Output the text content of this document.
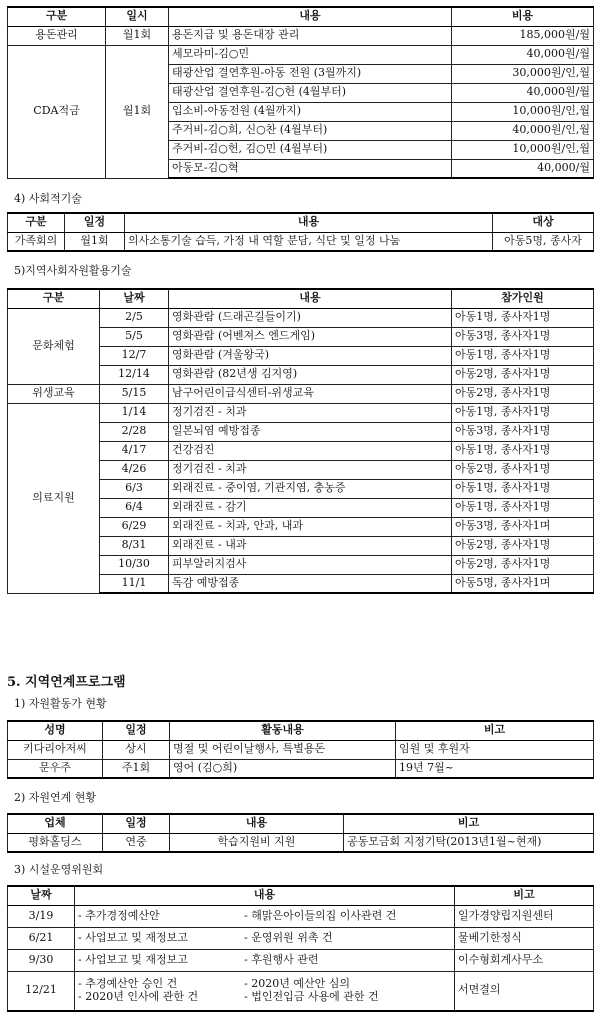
구분	일시	내용	비용
용돈관리	월1회	용돈지급 및 용돈대장 관리	185,000원/월
CDA적금	월1회	세모라미-김○민	40,000원/월
		태광산업 결연후원-아동 전원 (3월까지)	30,000원/인,월
		태광산업 결연후원-김○헌 (4월부터)	40,000원/월
		입소비-아동전원 (4월까지)	10,000원/인,월
		주거비-김○희, 신○찬 (4월부터)	40,000원/인,월
		주거비-김○헌, 김○민 (4월부터)	10,000원/인,월
		아동모-김○혁	40,000/월
4) 사회적기술
구분	일정	내용	대상
가족회의	월1회	의사소통기술 습득, 가정 내 역할 분담, 식단 및 일정 나눔	아동5명, 종사자
5)지역사회자원활용기술
구분	날짜	내용	참가인원
문화체험	2/5	영화관람 (드래곤길들이기)	아동1명, 종사자1명
	5/5	영화관람 (어벤져스 엔드게임)	아동3명, 종사자1명
	12/7	영화관람 (겨울왕국)	아동1명, 종사자1명
	12/14	영화관람 (82년생 김지영)	아동2명, 종사자1명
위생교육	5/15	남구어린이급식센터-위생교육	아동2명, 종사자1명
의료지원	1/14	정기검진 - 치과	아동1명, 종사자1명
	2/28	일본뇌염 예방접종	아동3명, 종사자1명
	4/17	건강검진	아동1명, 종사자1명
	4/26	정기검진 - 치과	아동2명, 종사자1명
	6/3	외래진료 - 중이염, 기관지염, 충농증	아동1명, 종사자1명
	6/4	외래진료 - 감기	아동1명, 종사자1명
	6/29	외래진료 - 치과, 안과, 내과	아동3명, 종사자1며
	8/31	외래진료 - 내과	아동2명, 종사자1명
	10/30	피부알러지검사	아동2명, 종사자1명
	11/1	독감 예방접종	아동5명, 종사자1며
5. 지역연계프로그램
1) 자원활동가 현황
성명	일정	활동내용	비고
키다리아저씨	상시	명절 및 어린이날행사, 특별용돈	임원 및 후원자
문우주	주1회	영어 (김○희)	19년 7월~
2) 자원연계 현황
업체	일정	내용	비고
평화홀딩스	연중	학습지원비 지원	공동모금회 지정기탁(2013년1월~현재)
3) 시설운영위원회
날짜	내용	비고
3/19	- 추가경정예산안 - 해맑은아이들의집 이사관련 건	일가경양립지원센터
6/21	- 사업보고 및 재정보고 - 운영위원 위촉 건	물베기한정식
9/30	- 사업보고 및 재정보고 - 후원행사 관련	이수형회계사무소
12/21	- 추경예산안 승인 건 - 2020년 예산안 심의
- 2020년 인사에 관한 건 - 법인전입금 사용에 관한 건	서면결의
